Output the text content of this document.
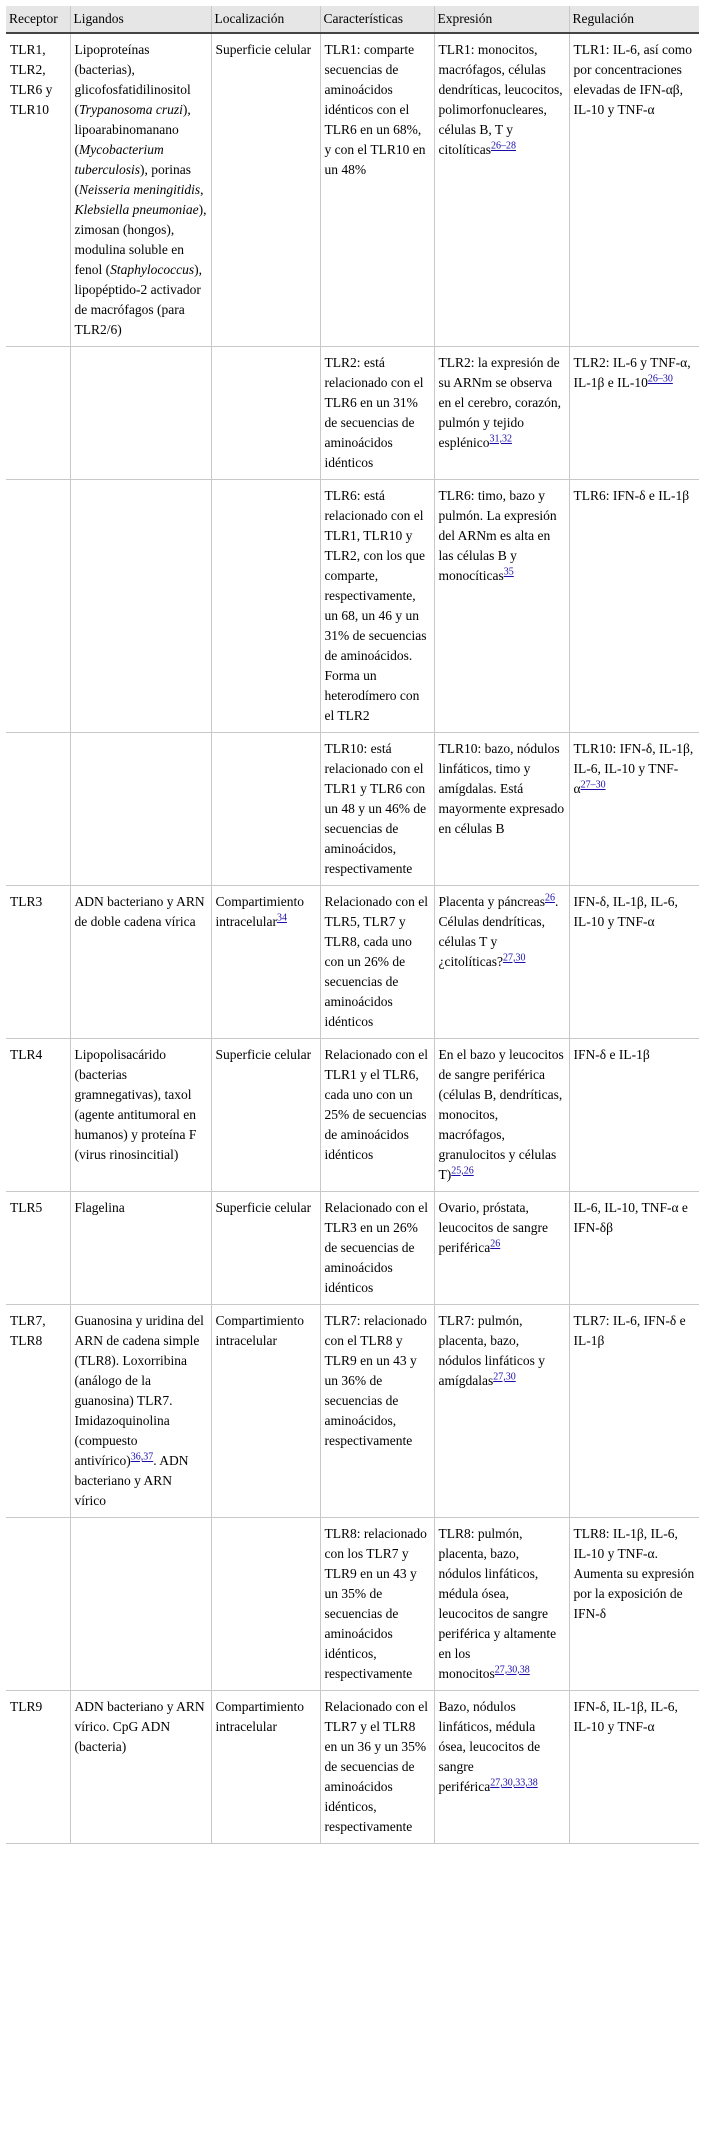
Receptor	Ligandos	Localización	Características	Expresión	Regulación
TLR1, TLR2, TLR6 y TLR10	Lipoproteínas (bacterias), glicofosfatidilinositol (Trypanosoma cruzi), lipoarabinomanano (Mycobacterium tuberculosis), porinas (Neisseria meningitidis, Klebsiella pneumoniae), zimosan (hongos), modulina soluble en fenol (Staphylococcus), lipopéptido-2 activador de macrófagos (para TLR2/6)	Superficie celular	TLR1: comparte secuencias de aminoácidos idénticos con el TLR6 en un 68%, y con el TLR10 en un 48%	TLR1: monocitos, macrófagos, células dendríticas, leucocitos, polimorfonucleares, células B, T y citolíticas$^{26-28}$	TLR1: IL-6, así como por concentraciones elevadas de IFN-αβ, IL-10 y TNF-α
			TLR2: está relacionado con el TLR6 en un 31% de secuencias de aminoácidos idénticos	TLR2: la expresión de su ARNm se observa en el cerebro, corazón, pulmón y tejido esplénico$^{31,32}$	TLR2: IL-6 y TNF-α, IL-1β e IL-10$^{26-30}$
			TLR6: está relacionado con el TLR1, TLR10 y TLR2, con los que comparte, respectivamente, un 68, un 46 y un 31% de secuencias de aminoácidos. Forma un heterodímero con el TLR2	TLR6: timo, bazo y pulmón. La expresión del ARNm es alta en las células B y monocíticas$^{35}$	TLR6: IFN-δ e IL-1β
			TLR10: está relacionado con el TLR1 y TLR6 con un 48 y un 46% de secuencias de aminoácidos, respectivamente	TLR10: bazo, nódulos linfáticos, timo y amígdalas. Está mayormente expresado en células B	TLR10: IFN-δ, IL-1β, IL-6, IL-10 y TNF-$\alpha^{27-30}$
TLR3	ADN bacteriano y ARN de doble cadena vírica	Compartimiento intracelular$^{34}$	Relacionado con el TLR5, TLR7 y TLR8, cada uno con un 26% de secuencias de aminoácidos idénticos	Placenta y páncreas$^{26}$. Células dendríticas, células T y ¿citolíticas?$^{27,30}$	IFN-δ, IL-1β, IL-6, IL-10 y TNF-α
TLR4	Lipopolisacárido (bacterias gramnegativas), taxol (agente antitumoral en humanos) y proteína F (virus rinosincitial)	Superficie celular	Relacionado con el TLR1 y el TLR6, cada uno con un 25% de secuencias de aminoácidos idénticos	En el bazo y leucocitos de sangre periférica (células B, dendríticas, monocitos, macrófagos, granulocitos y células T)$^{25,26}$	IFN-δ e IL-1β
TLR5	Flagelina	Superficie celular	Relacionado con el TLR3 en un 26% de secuencias de aminoácidos idénticos	Ovario, próstata, leucocitos de sangre periférica$^{26}$	IL-6, IL-10, TNF-α e IFN-δβ
TLR7, TLR8	Guanosina y uridina del ARN de cadena simple (TLR8). Loxorribina (análogo de la guanosina) TLR7. Imidazoquinolina (compuesto antivírico)$^{36,37}$. ADN bacteriano y ARN vírico	Compartimiento intracelular	TLR7: relacionado con el TLR8 y TLR9 en un 43 y un 36% de secuencias de aminoácidos, respectivamente	TLR7: pulmón, placenta, bazo, nódulos linfáticos y amígdalas$^{27,30}$	TLR7: IL-6, IFN-δ e IL-1β
			TLR8: relacionado con los TLR7 y TLR9 en un 43 y un 35% de secuencias de aminoácidos idénticos, respectivamente	TLR8: pulmón, placenta, bazo, nódulos linfáticos, médula ósea, leucocitos de sangre periférica y altamente en los monocitos$^{27,30,38}$	TLR8: IL-1β, IL-6, IL-10 y TNF-α. Aumenta su expresión por la exposición de IFN-δ
TLR9	ADN bacteriano y ARN vírico. CpG ADN (bacteria)	Compartimiento intracelular	Relacionado con el TLR7 y el TLR8 en un 36 y un 35% de secuencias de aminoácidos idénticos, respectivamente	Bazo, nódulos linfáticos, médula ósea, leucocitos de sangre periférica$^{27,30,33,38}$	IFN-δ, IL-1β, IL-6, IL-10 y TNF-α
